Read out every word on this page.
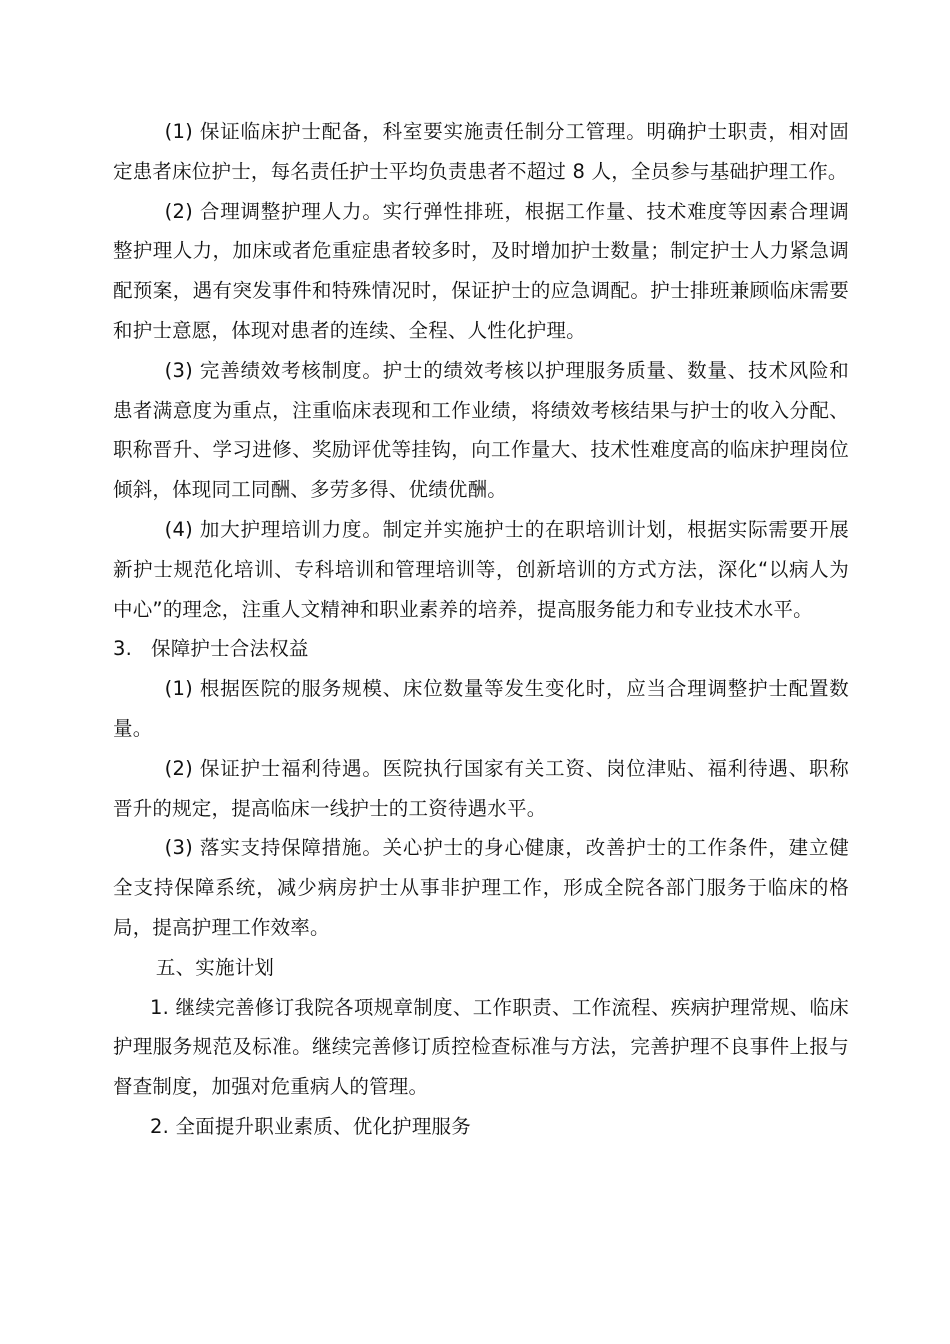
(1) 保证临床护士配备，科室要实施责任制分工管理。明确护士职责，相对固定患者床位护士，每名责任护士平均负责患者不超过 8 人，全员参与基础护理工作。

(2) 合理调整护理人力。实行弹性排班，根据工作量、技术难度等因素合理调整护理人力，加床或者危重症患者较多时，及时增加护士数量；制定护士人力紧急调配预案，遇有突发事件和特殊情况时，保证护士的应急调配。护士排班兼顾临床需要和护士意愿，体现对患者的连续、全程、人性化护理。

(3) 完善绩效考核制度。护士的绩效考核以护理服务质量、数量、技术风险和患者满意度为重点，注重临床表现和工作业绩，将绩效考核结果与护士的收入分配、职称晋升、学习进修、奖励评优等挂钩，向工作量大、技术性难度高的临床护理岗位倾斜，体现同工同酬、多劳多得、优绩优酬。

(4) 加大护理培训力度。制定并实施护士的在职培训计划，根据实际需要开展新护士规范化培训、专科培训和管理培训等，创新培训的方式方法，深化“以病人为中心”的理念，注重人文精神和职业素养的培养，提高服务能力和专业技术水平。

3. 保障护士合法权益

(1) 根据医院的服务规模、床位数量等发生变化时，应当合理调整护士配置数量。

(2) 保证护士福利待遇。医院执行国家有关工资、岗位津贴、福利待遇、职称晋升的规定，提高临床一线护士的工资待遇水平。

(3) 落实支持保障措施。关心护士的身心健康，改善护士的工作条件，建立健全支持保障系统，减少病房护士从事非护理工作，形成全院各部门服务于临床的格局，提高护理工作效率。

五、实施计划

1. 继续完善修订我院各项规章制度、工作职责、工作流程、疾病护理常规、临床护理服务规范及标准。继续完善修订质控检查标准与方法，完善护理不良事件上报与督查制度，加强对危重病人的管理。

2. 全面提升职业素质、优化护理服务
